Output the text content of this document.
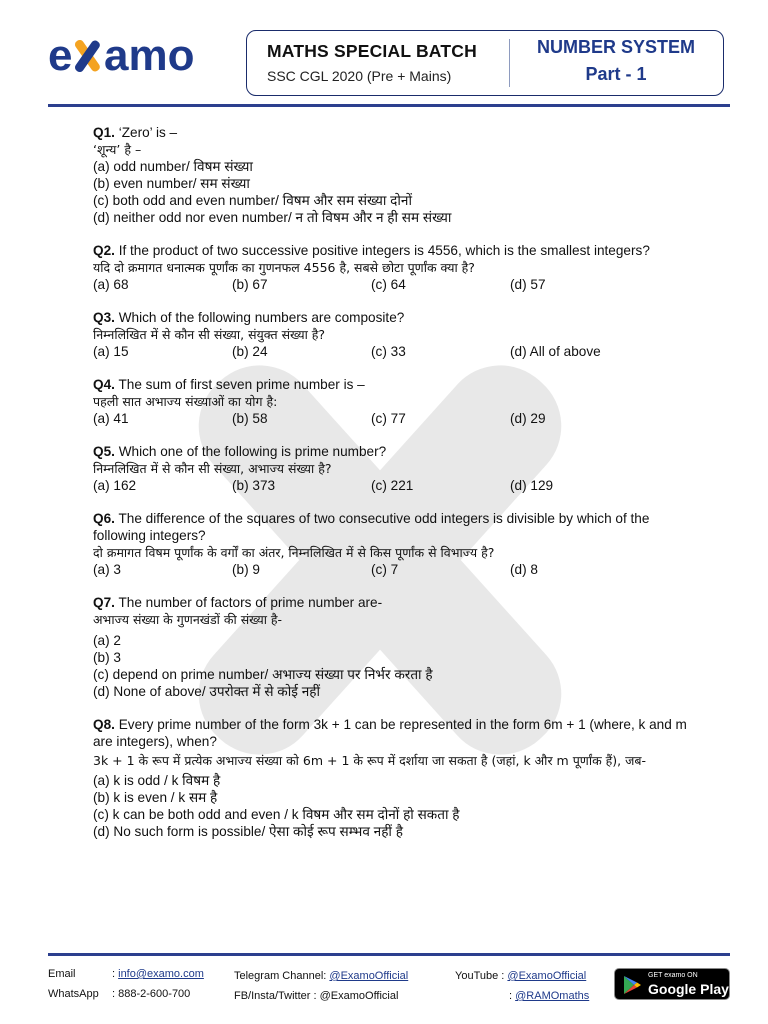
e amo	MATHS SPECIAL BATCH
SSC CGL 2020 (Pre + Mains)
NUMBER SYSTEM
Part - 1

Q1. ‘Zero’ is –

‘शून्य’ है –

(a) odd number/ विषम संख्या

(b) even number/ सम संख्या

(c) both odd and even number/ विषम और सम संख्या दोनों

(d) neither odd nor even number/ न तो विषम और न ही सम संख्या

Q2. If the product of two successive positive integers is 4556, which is the smallest integers?

यदि दो क्रमागत धनात्मक पूर्णांक का गुणनफल 4556 है, सबसे छोटा पूर्णांक क्या है?

(a) 68	(b) 67	(c) 64	(d) 57

Q3. Which of the following numbers are composite?

निम्नलिखित में से कौन सी संख्या, संयुक्त संख्या है?

(a) 15	(b) 24	(c) 33	(d) All of above

Q4. The sum of first seven prime number is –

पहली सात अभाज्य संख्याओं का योग है:

(a) 41	(b) 58	(c) 77	(d) 29

Q5. Which one of the following is prime number?

निम्नलिखित में से कौन सी संख्या, अभाज्य संख्या है?

(a) 162	(b) 373	(c) 221	(d) 129

Q6. The difference of the squares of two consecutive odd integers is divisible by which of the following integers?

दो क्रमागत विषम पूर्णांक के वर्गों का अंतर, निम्नलिखित में से किस पूर्णांक से विभाज्य है?

(a) 3	(b) 9	(c) 7	(d) 8

Q7. The number of factors of prime number are-

अभाज्य संख्या के गुणनखंडों की संख्या है-

(a) 2

(b) 3

(c) depend on prime number/ अभाज्य संख्या पर निर्भर करता है

(d) None of above/ उपरोक्त में से कोई नहीं

Q8. Every prime number of the form 3k + 1 can be represented in the form 6m + 1 (where, k and m are integers), when?

3k + 1 के रूप में प्रत्येक अभाज्य संख्या को 6m + 1 के रूप में दर्शाया जा सकता है (जहां, k और m पूर्णांक हैं), जब-

(a) k is odd / k विषम है

(b) k is even / k सम है

(c) k can be both odd and even / k विषम और सम दोनों हो सकता है

(d) No such form is possible/ ऐसा कोई रूप सम्भव नहीं है

Email	: info@examo.com
WhatsApp : 888-2-600-700
Telegram Channel: @ExamoOfficial
FB/Insta/Twitter : @ExamoOfficial
YouTube : @ExamoOfficial
: @RAMOmaths
GET examo ON
Google Play
